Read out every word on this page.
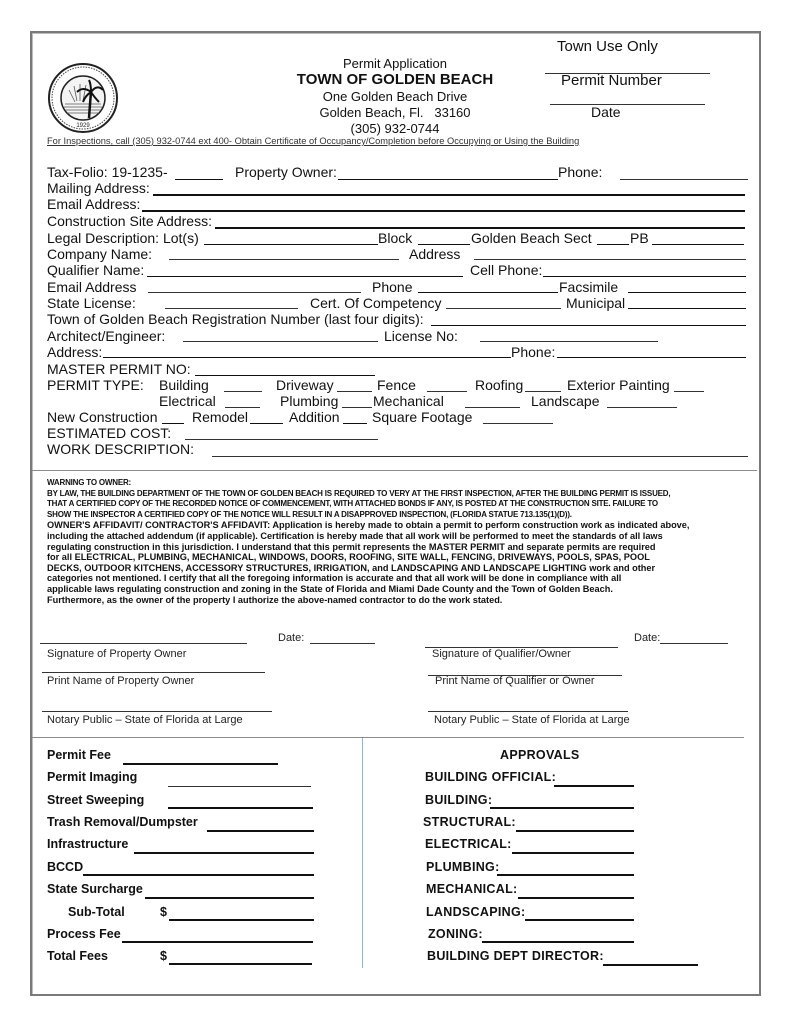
1929
Permit Application
TOWN OF GOLDEN BEACH
One Golden Beach Drive
Golden Beach, Fl.   33160
(305) 932-0744
For Inspections, call (305) 932-0744 ext 400- Obtain Certificate of Occupancy/Completion before Occupying or Using the Building
Town Use Only
Permit Number
Date
Tax-Folio: 19-1235-	Property Owner:	Phone:
Mailing Address:
Email Address:
Construction Site Address:
Legal Description: Lot(s)	Block	Golden Beach Sect	PB
Company Name:	Address
Qualifier Name:	Cell Phone:
Email Address	Phone	Facsimile
State License:	Cert. Of Competency	Municipal
Town of Golden Beach Registration Number (last four digits):
Architect/Engineer:	License No:
Address:	Phone:
MASTER PERMIT NO:
PERMIT TYPE: Building	Driveway	Fence	Roofing	Exterior Painting
Electrical	Plumbing Mechanical	Landscape
New Construction Remodel	Addition Square Footage
ESTIMATED COST:
WORK DESCRIPTION:

WARNING TO OWNER:

BY LAW, THE BUILDING DEPARTMENT OF THE TOWN OF GOLDEN BEACH IS REQUIRED TO VERY AT THE FIRST INSPECTION, AFTER THE BUILDING PERMIT IS ISSUED,

THAT A CERTIFIED COPY OF THE RECORDED NOTICE OF COMMENCEMENT, WITH ATTACHED BONDS IF ANY, IS POSTED AT THE CONSTRUCTION SITE. FAILURE TO

SHOW THE INSPECTOR A CERTIFIED COPY OF THE NOTICE WILL RESULT IN A DISAPPROVED INSPECTION, (FLORIDA STATUE 713.135(1)(D)).

OWNER'S AFFIDAVIT/ CONTRACTOR'S AFFIDAVIT: Application is hereby made to obtain a permit to perform construction work as indicated above,

including the attached addendum (if applicable). Certification is hereby made that all work will be performed to meet the standards of all laws

regulating construction in this jurisdiction. I understand that this permit represents the MASTER PERMIT and separate permits are required

for all ELECTRICAL, PLUMBING, MECHANICAL, WINDOWS, DOORS, ROOFING, SITE WALL, FENCING, DRIVEWAYS, POOLS, SPAS, POOL

DECKS, OUTDOOR KITCHENS, ACCESSORY STRUCTURES, IRRIGATION, and LANDSCAPING AND LANDSCAPE LIGHTING work and other

categories not mentioned. I certify that all the foregoing information is accurate and that all work will be done in compliance with all

applicable laws regulating construction and zoning in the State of Florida and Miami Dade County and the Town of Golden Beach.

Furthermore, as the owner of the property I authorize the above-named contractor to do the work stated.

Date:
Signature of Property Owner
Print Name of Property Owner
Notary Public – State of Florida at Large
Date:
Signature of Qualifier/Owner
Print Name of Qualifier or Owner
Notary Public – State of Florida at Large
Permit Fee
Permit Imaging
Street Sweeping
Trash Removal/Dumpster
Infrastructure
BCCD
State Surcharge
Sub-Total	$
Process Fee
Total Fees	$
APPROVALS
BUILDING OFFICIAL:
BUILDING:
STRUCTURAL:
ELECTRICAL:
PLUMBING:
MECHANICAL:
LANDSCAPING:
ZONING:
BUILDING DEPT DIRECTOR:
